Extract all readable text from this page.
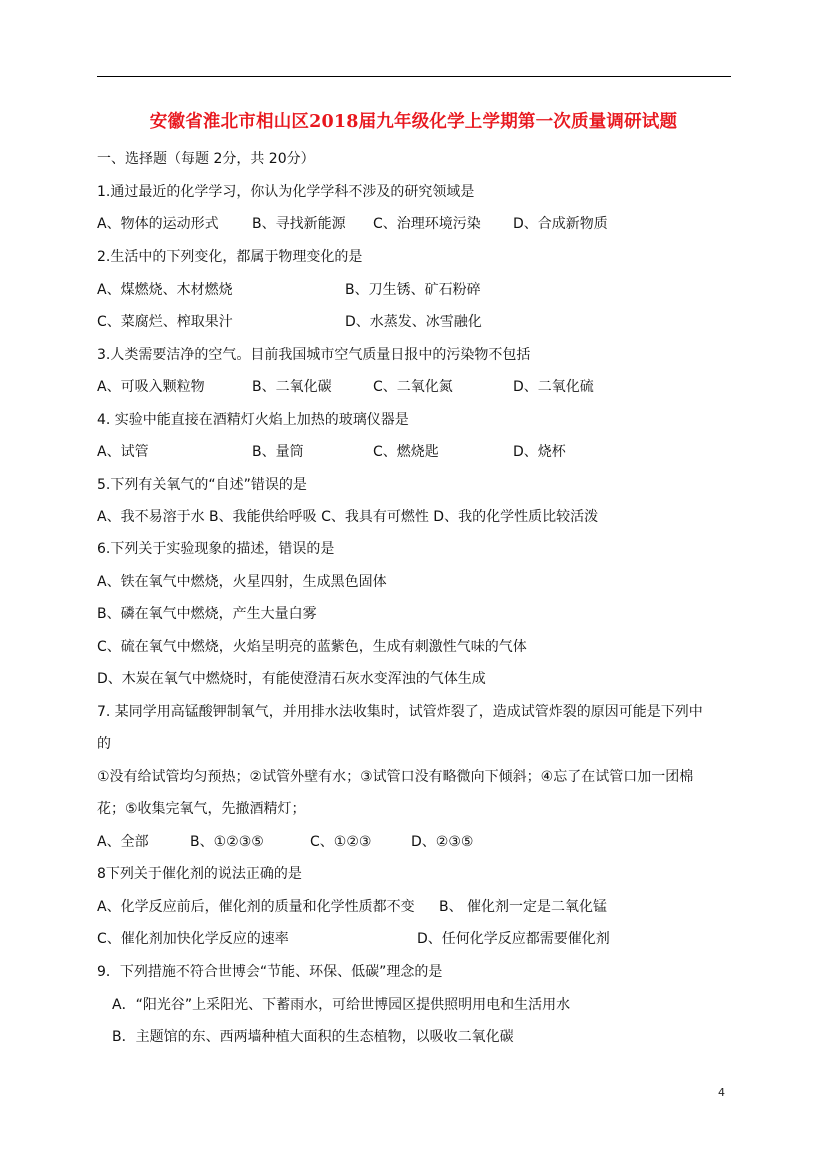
安徽省淮北市相山区2018届九年级化学上学期第一次质量调研试题
一、选择题（每题 2分，共 20分）
1.通过最近的化学学习，你认为化学学科不涉及的研究领域是
A、物体的运动形式 B、寻找新能源 C、治理环境污染 D、合成新物质
2.生活中的下列变化，都属于物理变化的是
A、煤燃烧、木材燃烧	B、刀生锈、矿石粉碎
C、菜腐烂、榨取果汁	D、水蒸发、冰雪融化
3.人类需要洁净的空气。目前我国城市空气质量日报中的污染物不包括
A、可吸入颗粒物	B、二氧化碳	C、二氧化氮	D、二氧化硫
4. 实验中能直接在酒精灯火焰上加热的玻璃仪器是
A、试管	B、量筒	C、燃烧匙	D、烧杯
5.下列有关氧气的“自述”错误的是
A、我不易溶于水 B、我能供给呼吸 C、我具有可燃性 D、我的化学性质比较活泼
6.下列关于实验现象的描述，错误的是
A、铁在氧气中燃烧，火星四射，生成黑色固体
B、磷在氧气中燃烧，产生大量白雾
C、硫在氧气中燃烧，火焰呈明亮的蓝紫色，生成有刺激性气味的气体
D、木炭在氧气中燃烧时，有能使澄清石灰水变浑浊的气体生成
7. 某同学用高锰酸钾制氧气，并用排水法收集时，试管炸裂了，造成试管炸裂的原因可能是下列中
的
①没有给试管均匀预热；②试管外壁有水；③试管口没有略微向下倾斜；④忘了在试管口加一团棉
花；⑤收集完氧气，先撤酒精灯；
A、全部	B、①②③⑤	C、①②③	D、②③⑤
8下列关于催化剂的说法正确的是
A、化学反应前后，催化剂的质量和化学性质都不变 B、 催化剂一定是二氧化锰
C、催化剂加快化学反应的速率	D、任何化学反应都需要催化剂
9．下列措施不符合世博会“节能、环保、低碳”理念的是
A．“阳光谷”上采阳光、下蓄雨水，可给世博园区提供照明用电和生活用水
B．主题馆的东、西两墙种植大面积的生态植物，以吸收二氧化碳
4
